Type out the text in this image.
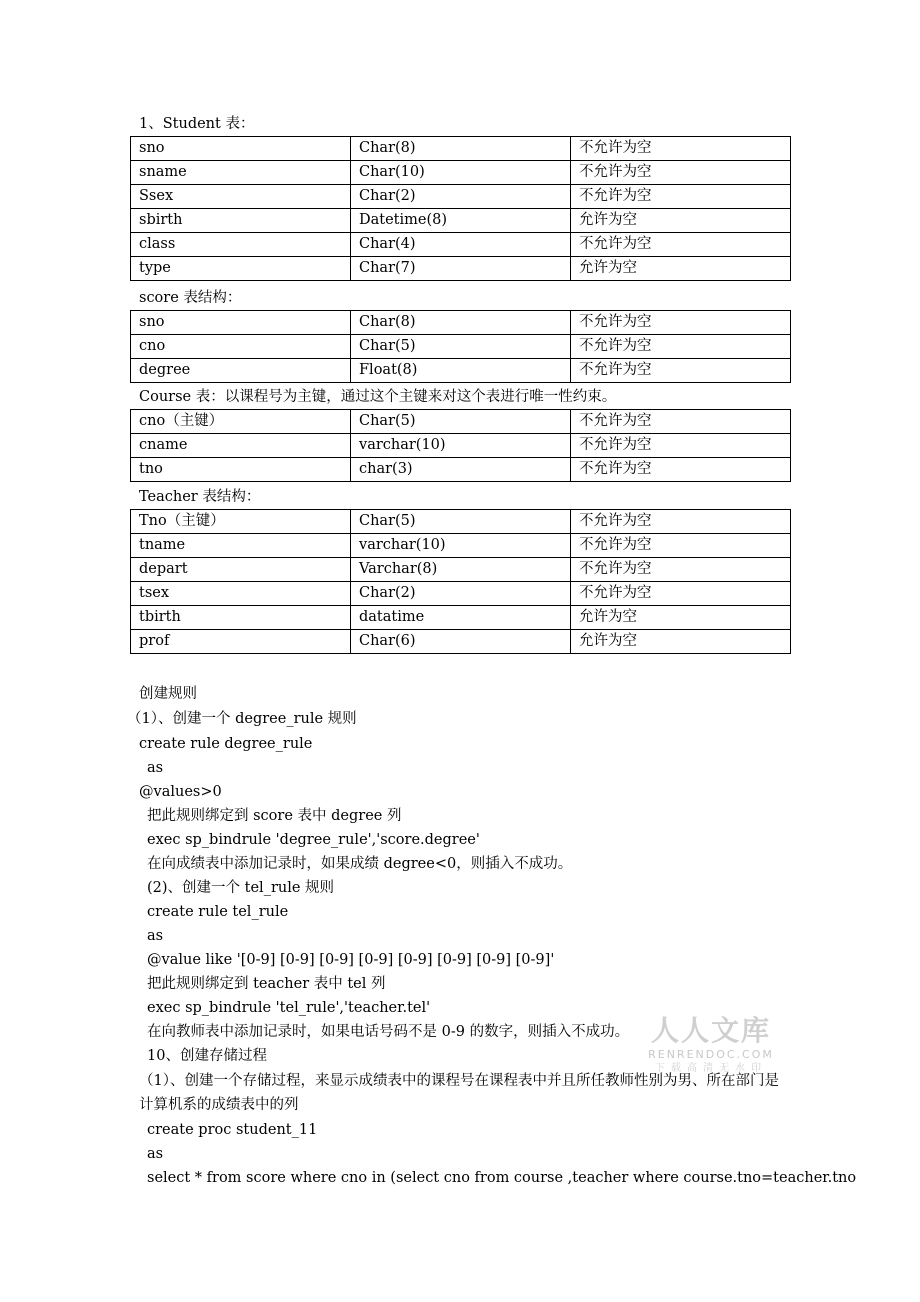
1、Student 表：
sno	Char(8)	不允许为空
sname	Char(10)	不允许为空
Ssex	Char(2)	不允许为空
sbirth	Datetime(8)	允许为空
class	Char(4)	不允许为空
type	Char(7)	允许为空
score 表结构：
sno	Char(8)	不允许为空
cno	Char(5)	不允许为空
degree	Float(8)	不允许为空
Course 表：以课程号为主键，通过这个主键来对这个表进行唯一性约束。
cno（主键）	Char(5)	不允许为空
cname	varchar(10)	不允许为空
tno	char(3)	不允许为空
Teacher 表结构：
Tno（主键）	Char(5)	不允许为空
tname	varchar(10)	不允许为空
depart	Varchar(8)	不允许为空
tsex	Char(2)	不允许为空
tbirth	datatime	允许为空
prof	Char(6)	允许为空
创建规则
（1）、创建一个 degree_rule 规则
create rule degree_rule
as
@values>0
把此规则绑定到 score 表中 degree 列
exec sp_bindrule 'degree_rule','score.degree'
在向成绩表中添加记录时，如果成绩 degree<0，则插入不成功。
(2)、创建一个 tel_rule 规则
create rule tel_rule
as
@value like '[0-9] [0-9] [0-9] [0-9] [0-9] [0-9] [0-9] [0-9]'
把此规则绑定到 teacher 表中 tel 列
exec sp_bindrule 'tel_rule','teacher.tel'
在向教师表中添加记录时，如果电话号码不是 0-9 的数字，则插入不成功。
10、创建存储过程
（1）、创建一个存储过程，来显示成绩表中的课程号在课程表中并且所任教师性别为男、所在部门是计算机系的成绩表中的列
create proc student_11
as
select * from score where cno in (select cno from course ,teacher where course.tno=teacher.tno
人人文库
RENRENDOC.COM
下载高清无水印
